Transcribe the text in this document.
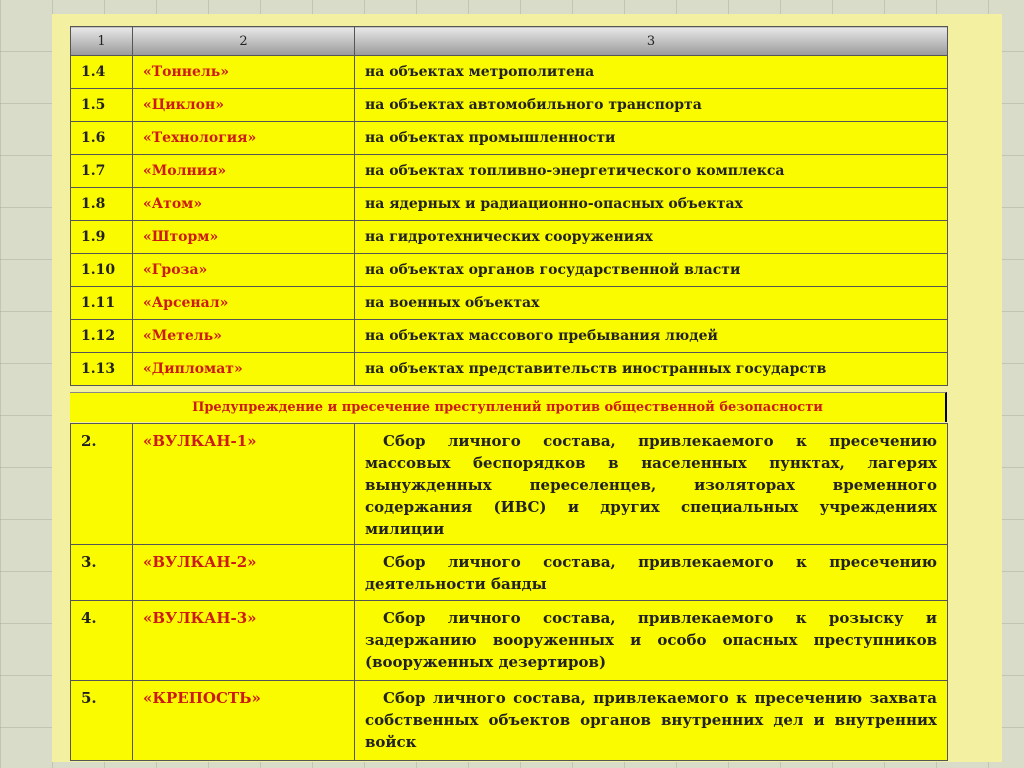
1	2	3
1.4	«Тоннель»	на объектах метрополитена
1.5	«Циклон»	на объектах автомобильного транспорта
1.6	«Технология»	на объектах промышленности
1.7	«Молния»	на объектах топливно-энергетического комплекса
1.8	«Атом»	на ядерных и радиационно-опасных объектах
1.9	«Шторм»	на гидротехнических сооружениях
1.10	«Гроза»	на объектах органов государственной власти
1.11	«Арсенал»	на военных объектах
1.12	«Метель»	на объектах массового пребывания людей
1.13	«Дипломат»	на объектах представительств иностранных государств
Предупреждение и пресечение преступлений против общественной безопасности
2.	«ВУЛКАН-1»	Сбор личного состава, привлекаемого к пресечению массовых беспорядков в населенных пунктах, лагерях вынужденных переселенцев, изоляторах временного содержания (ИВС) и других специальных учреждениях милиции
3.	«ВУЛКАН-2»	Сбор личного состава, привлекаемого к пресечению деятельности банды
4.	«ВУЛКАН-3»	Сбор личного состава, привлекаемого к розыску и задержанию вооруженных и особо опасных преступников (вооруженных дезертиров)
5.	«КРЕПОСТЬ»	Сбор личного состава, привлекаемого к пресечению захвата собственных объектов органов внутренних дел и внутренних войск
